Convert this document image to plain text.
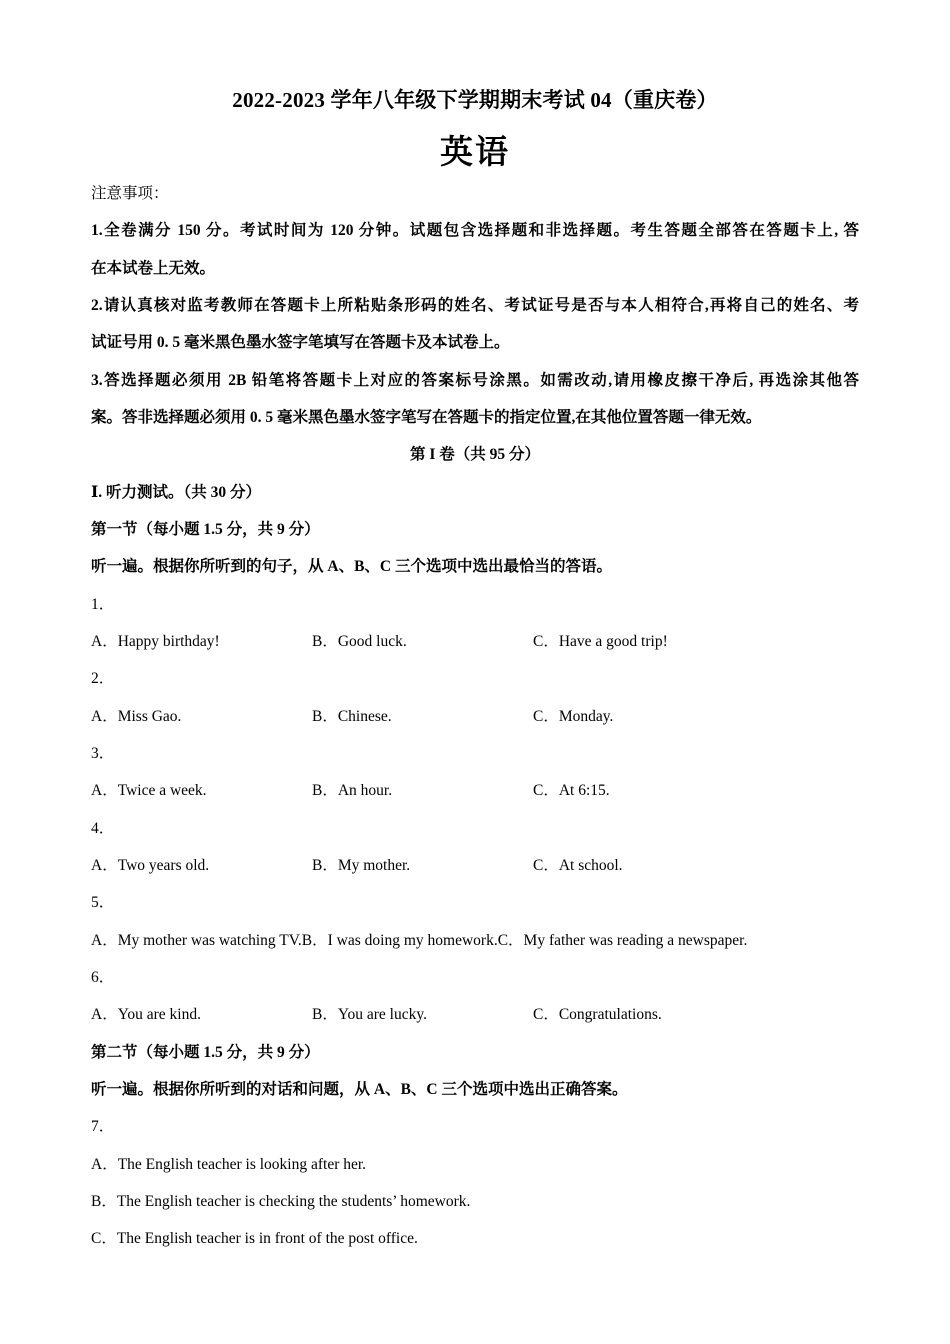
2022-2023 学年八年级下学期期末考试 04（重庆卷）
英语
注意事项：
1.全卷满分 150 分。考试时间为 120 分钟。试题包含选择题和非选择题。考生答题全部答在答题卡上, 答
在本试卷上无效。
2.请认真核对监考教师在答题卡上所粘贴条形码的姓名、考试证号是否与本人相符合,再将自己的姓名、考
试证号用 0. 5 毫米黑色墨水签字笔填写在答题卡及本试卷上。
3.答选择题必须用 2B 铅笔将答题卡上对应的答案标号涂黑。如需改动,请用橡皮擦干净后, 再选涂其他答
案。答非选择题必须用 0. 5 毫米黑色墨水签字笔写在答题卡的指定位置,在其他位置答题一律无效。
第 I 卷（共 95 分）
Ⅰ. 听力测试。（共 30 分）
第一节（每小题 1.5 分，共 9 分）
听一遍。根据你所听到的句子，从 A、B、C 三个选项中选出最恰当的答语。
1．
A．Happy birthday!	B．Good luck.	C．Have a good trip!
2．
A．Miss Gao.	B．Chinese.	C．Monday.
3．
A．Twice a week.	B．An hour.	C．At 6:15.
4．
A．Two years old.	B．My mother.	C．At school.
5．
A．My mother was watching TV.B．I was doing my homework.C．My father was reading a newspaper.
6．
A．You are kind.	B．You are lucky.	C．Congratulations.
第二节（每小题 1.5 分，共 9 分）
听一遍。根据你所听到的对话和问题，从 A、B、C 三个选项中选出正确答案。
7．
A．The English teacher is looking after her.
B．The English teacher is checking the students’ homework.
C．The English teacher is in front of the post office.
